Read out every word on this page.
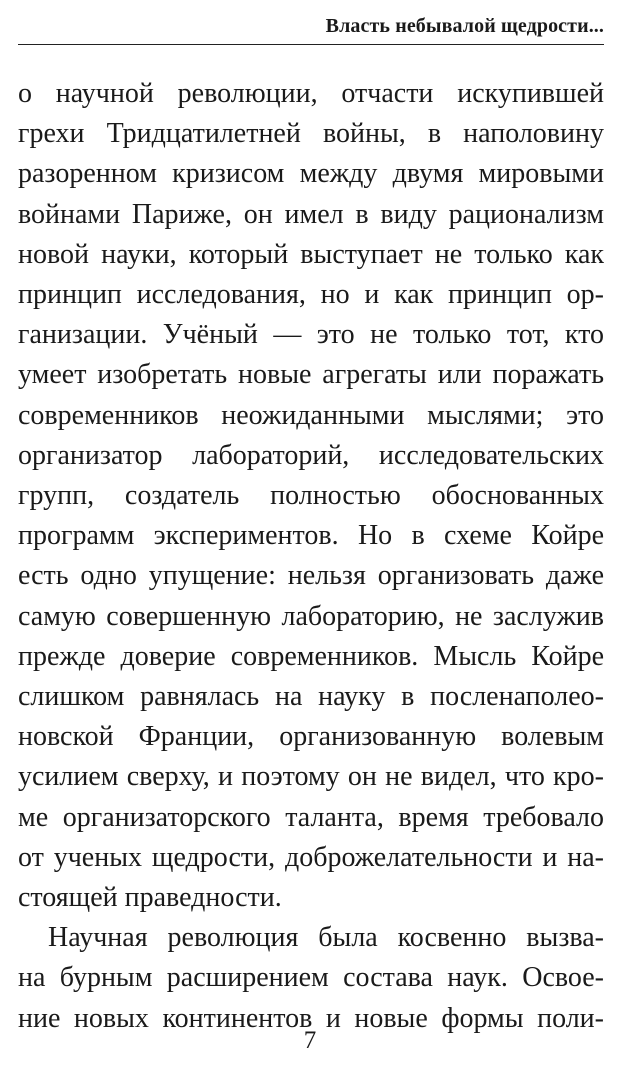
Власть небывалой щедрости...
о научной революции, отчасти искупившей
грехи Тридцатилетней войны, в наполовину
разоренном кризисом между двумя мировыми
войнами Париже, он имел в виду рационализм
новой науки, который выступает не только как
принцип исследования, но и как принцип ор-
ганизации. Учёный — это не только тот, кто
умеет изобретать новые агрегаты или поражать
современников неожиданными мыслями; это
организатор лабораторий, исследовательских
групп, создатель полностью обоснованных
программ экспериментов. Но в схеме Койре
есть одно упущение: нельзя организовать даже
самую совершенную лабораторию, не заслужив
прежде доверие современников. Мысль Койре
слишком равнялась на науку в посленаполео-
новской Франции, организованную волевым
усилием сверху, и поэтому он не видел, что кро-
ме организаторского таланта, время требовало
от ученых щедрости, доброжелательности и на-
стоящей праведности.
Научная революция была косвенно вызва-
на бурным расширением состава наук. Освое-
ние новых континентов и новые формы поли-
7
